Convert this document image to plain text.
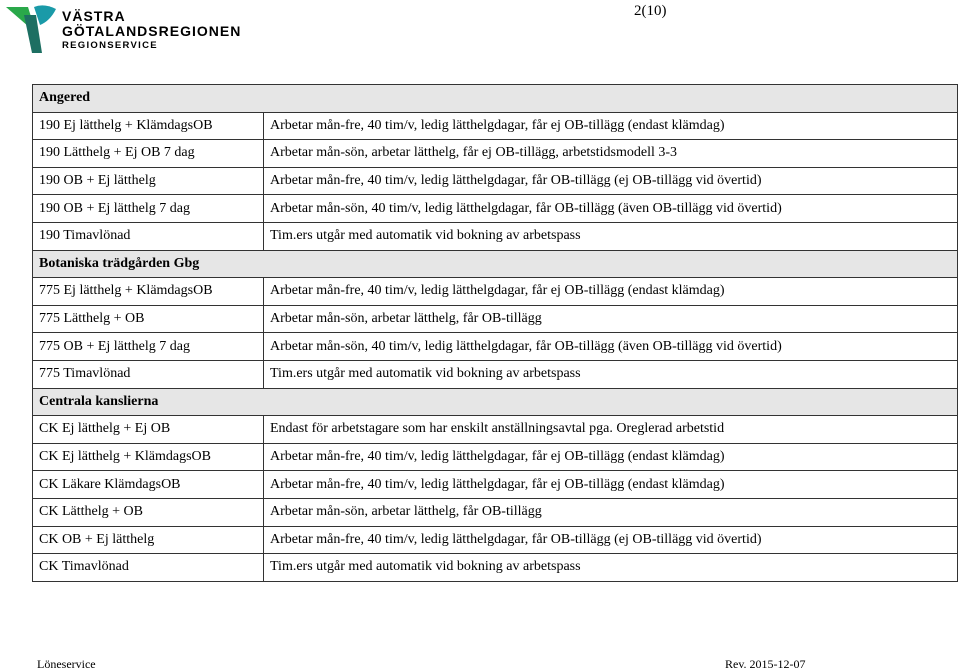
VÄSTRA
GÖTALANDSREGIONEN
REGIONSERVICE
2(10)
Angered	
190 Ej lätthelg + KlämdagsOB	Arbetar mån-fre, 40 tim/v, ledig lätthelgdagar, får ej OB-tillägg (endast klämdag)
190 Lätthelg + Ej OB 7 dag	Arbetar mån-sön, arbetar lätthelg, får ej OB-tillägg, arbetstidsmodell 3-3
190 OB + Ej lätthelg	Arbetar mån-fre, 40 tim/v, ledig lätthelgdagar, får OB-tillägg (ej OB-tillägg vid övertid)
190 OB + Ej lätthelg 7 dag	Arbetar mån-sön, 40 tim/v, ledig lätthelgdagar, får OB-tillägg (även OB-tillägg vid övertid)
190 Timavlönad	Tim.ers utgår med automatik vid bokning av arbetspass
Botaniska trädgården Gbg	
775 Ej lätthelg + KlämdagsOB	Arbetar mån-fre, 40 tim/v, ledig lätthelgdagar, får ej OB-tillägg (endast klämdag)
775 Lätthelg + OB	Arbetar mån-sön, arbetar lätthelg, får OB-tillägg
775 OB + Ej lätthelg 7 dag	Arbetar mån-sön, 40 tim/v, ledig lätthelgdagar, får OB-tillägg (även OB-tillägg vid övertid)
775 Timavlönad	Tim.ers utgår med automatik vid bokning av arbetspass
Centrala kanslierna	
CK Ej lätthelg + Ej OB	Endast för arbetstagare som har enskilt anställningsavtal pga. Oreglerad arbetstid
CK Ej lätthelg + KlämdagsOB	Arbetar mån-fre, 40 tim/v, ledig lätthelgdagar, får ej OB-tillägg (endast klämdag)
CK Läkare KlämdagsOB	Arbetar mån-fre, 40 tim/v, ledig lätthelgdagar, får ej OB-tillägg (endast klämdag)
CK Lätthelg + OB	Arbetar mån-sön, arbetar lätthelg, får OB-tillägg
CK OB + Ej lätthelg	Arbetar mån-fre, 40 tim/v, ledig lätthelgdagar, får OB-tillägg (ej OB-tillägg vid övertid)
CK Timavlönad	Tim.ers utgår med automatik vid bokning av arbetspass
Löneservice	Rev. 2015-12-07
